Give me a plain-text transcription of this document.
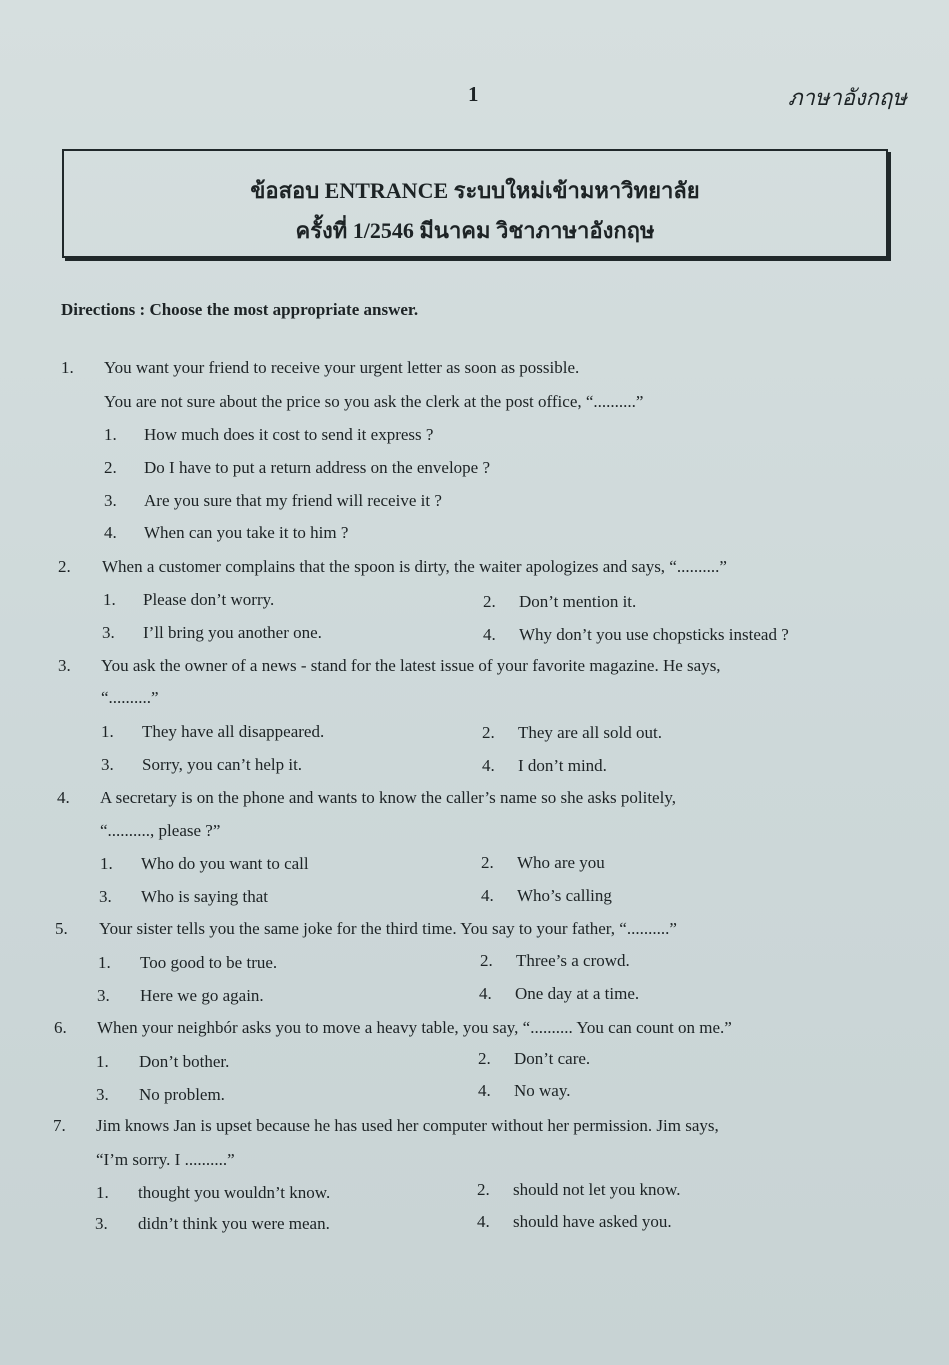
1	ภาษาอังกฤษ
ข้อสอบ ENTRANCE ระบบใหม่เข้ามหาวิทยาลัย
ครั้งที่ 1/2546 มีนาคม วิชาภาษาอังกฤษ
Directions : Choose the most appropriate answer.
1. You want your friend to receive your urgent letter as soon as possible.
You are not sure about the price so you ask the clerk at the post office, “..........”
1. How much does it cost to send it express ?
2. Do I have to put a return address on the envelope ?
3. Are you sure that my friend will receive it ?
4. When can you take it to him ?
2. When a customer complains that the spoon is dirty, the waiter apologizes and says, “..........”
1. Please don’t worry.	2. Don’t mention it.
3. I’ll bring you another one.	4. Why don’t you use chopsticks instead ?
3. You ask the owner of a news - stand for the latest issue of your favorite magazine. He says,
“..........”
1. They have all disappeared.	2. They are all sold out.
3. Sorry, you can’t help it.	4. I don’t mind.
4. A secretary is on the phone and wants to know the caller’s name so she asks politely,
“.........., please ?”
1. Who do you want to call	2. Who are you
3. Who is saying that	4. Who’s calling
5. Your sister tells you the same joke for the third time. You say to your father, “..........”
1. Too good to be true.	2. Three’s a crowd.
3. Here we go again.	4. One day at a time.
6. When your neighbór asks you to move a heavy table, you say, “.......... You can count on me.”
1. Don’t bother.	2. Don’t care.
3. No problem.	4. No way.
7. Jim knows Jan is upset because he has used her computer without her permission. Jim says,
“I’m sorry. I ..........”
1. thought you wouldn’t know.	2. should not let you know.
3. didn’t think you were mean.	4. should have asked you.
